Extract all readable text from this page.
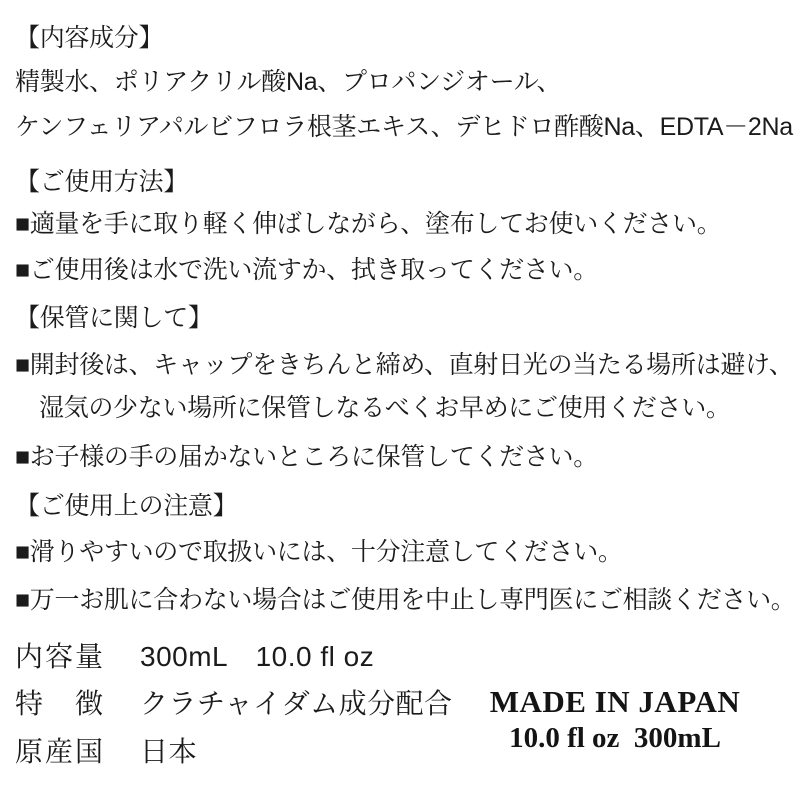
【内容成分】
精製水、ポリアクリル酸Na、プロパンジオール、
ケンフェリアパルビフロラ根茎エキス、デヒドロ酢酸Na、EDTA－2Na
【ご使用方法】
■適量を手に取り軽く伸ばしながら、塗布してお使いください。
■ご使用後は水で洗い流すか、拭き取ってください。
【保管に関して】
■開封後は、キャップをきちんと締め、直射日光の当たる場所は避け、
湿気の少ない場所に保管しなるべくお早めにご使用ください。
■お子様の手の届かないところに保管してください。
【ご使用上の注意】
■滑りやすいので取扱いには、十分注意してください。
■万一お肌に合わない場合はご使用を中止し専門医にご相談ください。
内容量	300mL　10.0 fl oz
特　徴	クラチャイダム成分配合
原産国	日本
MADE IN JAPAN
10.0 fl oz  300mL
